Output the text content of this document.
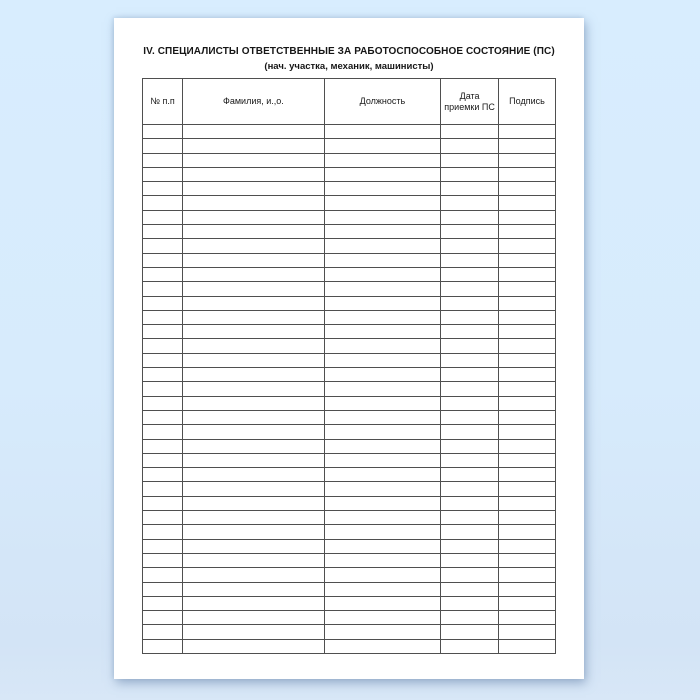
IV. СПЕЦИАЛИСТЫ ОТВЕТСТВЕННЫЕ ЗА РАБОТОСПОСОБНОЕ СОСТОЯНИЕ (ПС)
(нач. участка, механик, машинисты)
№ п.п	Фамилия, и.,о.	Должность	Дата приемки ПС	Подпись
